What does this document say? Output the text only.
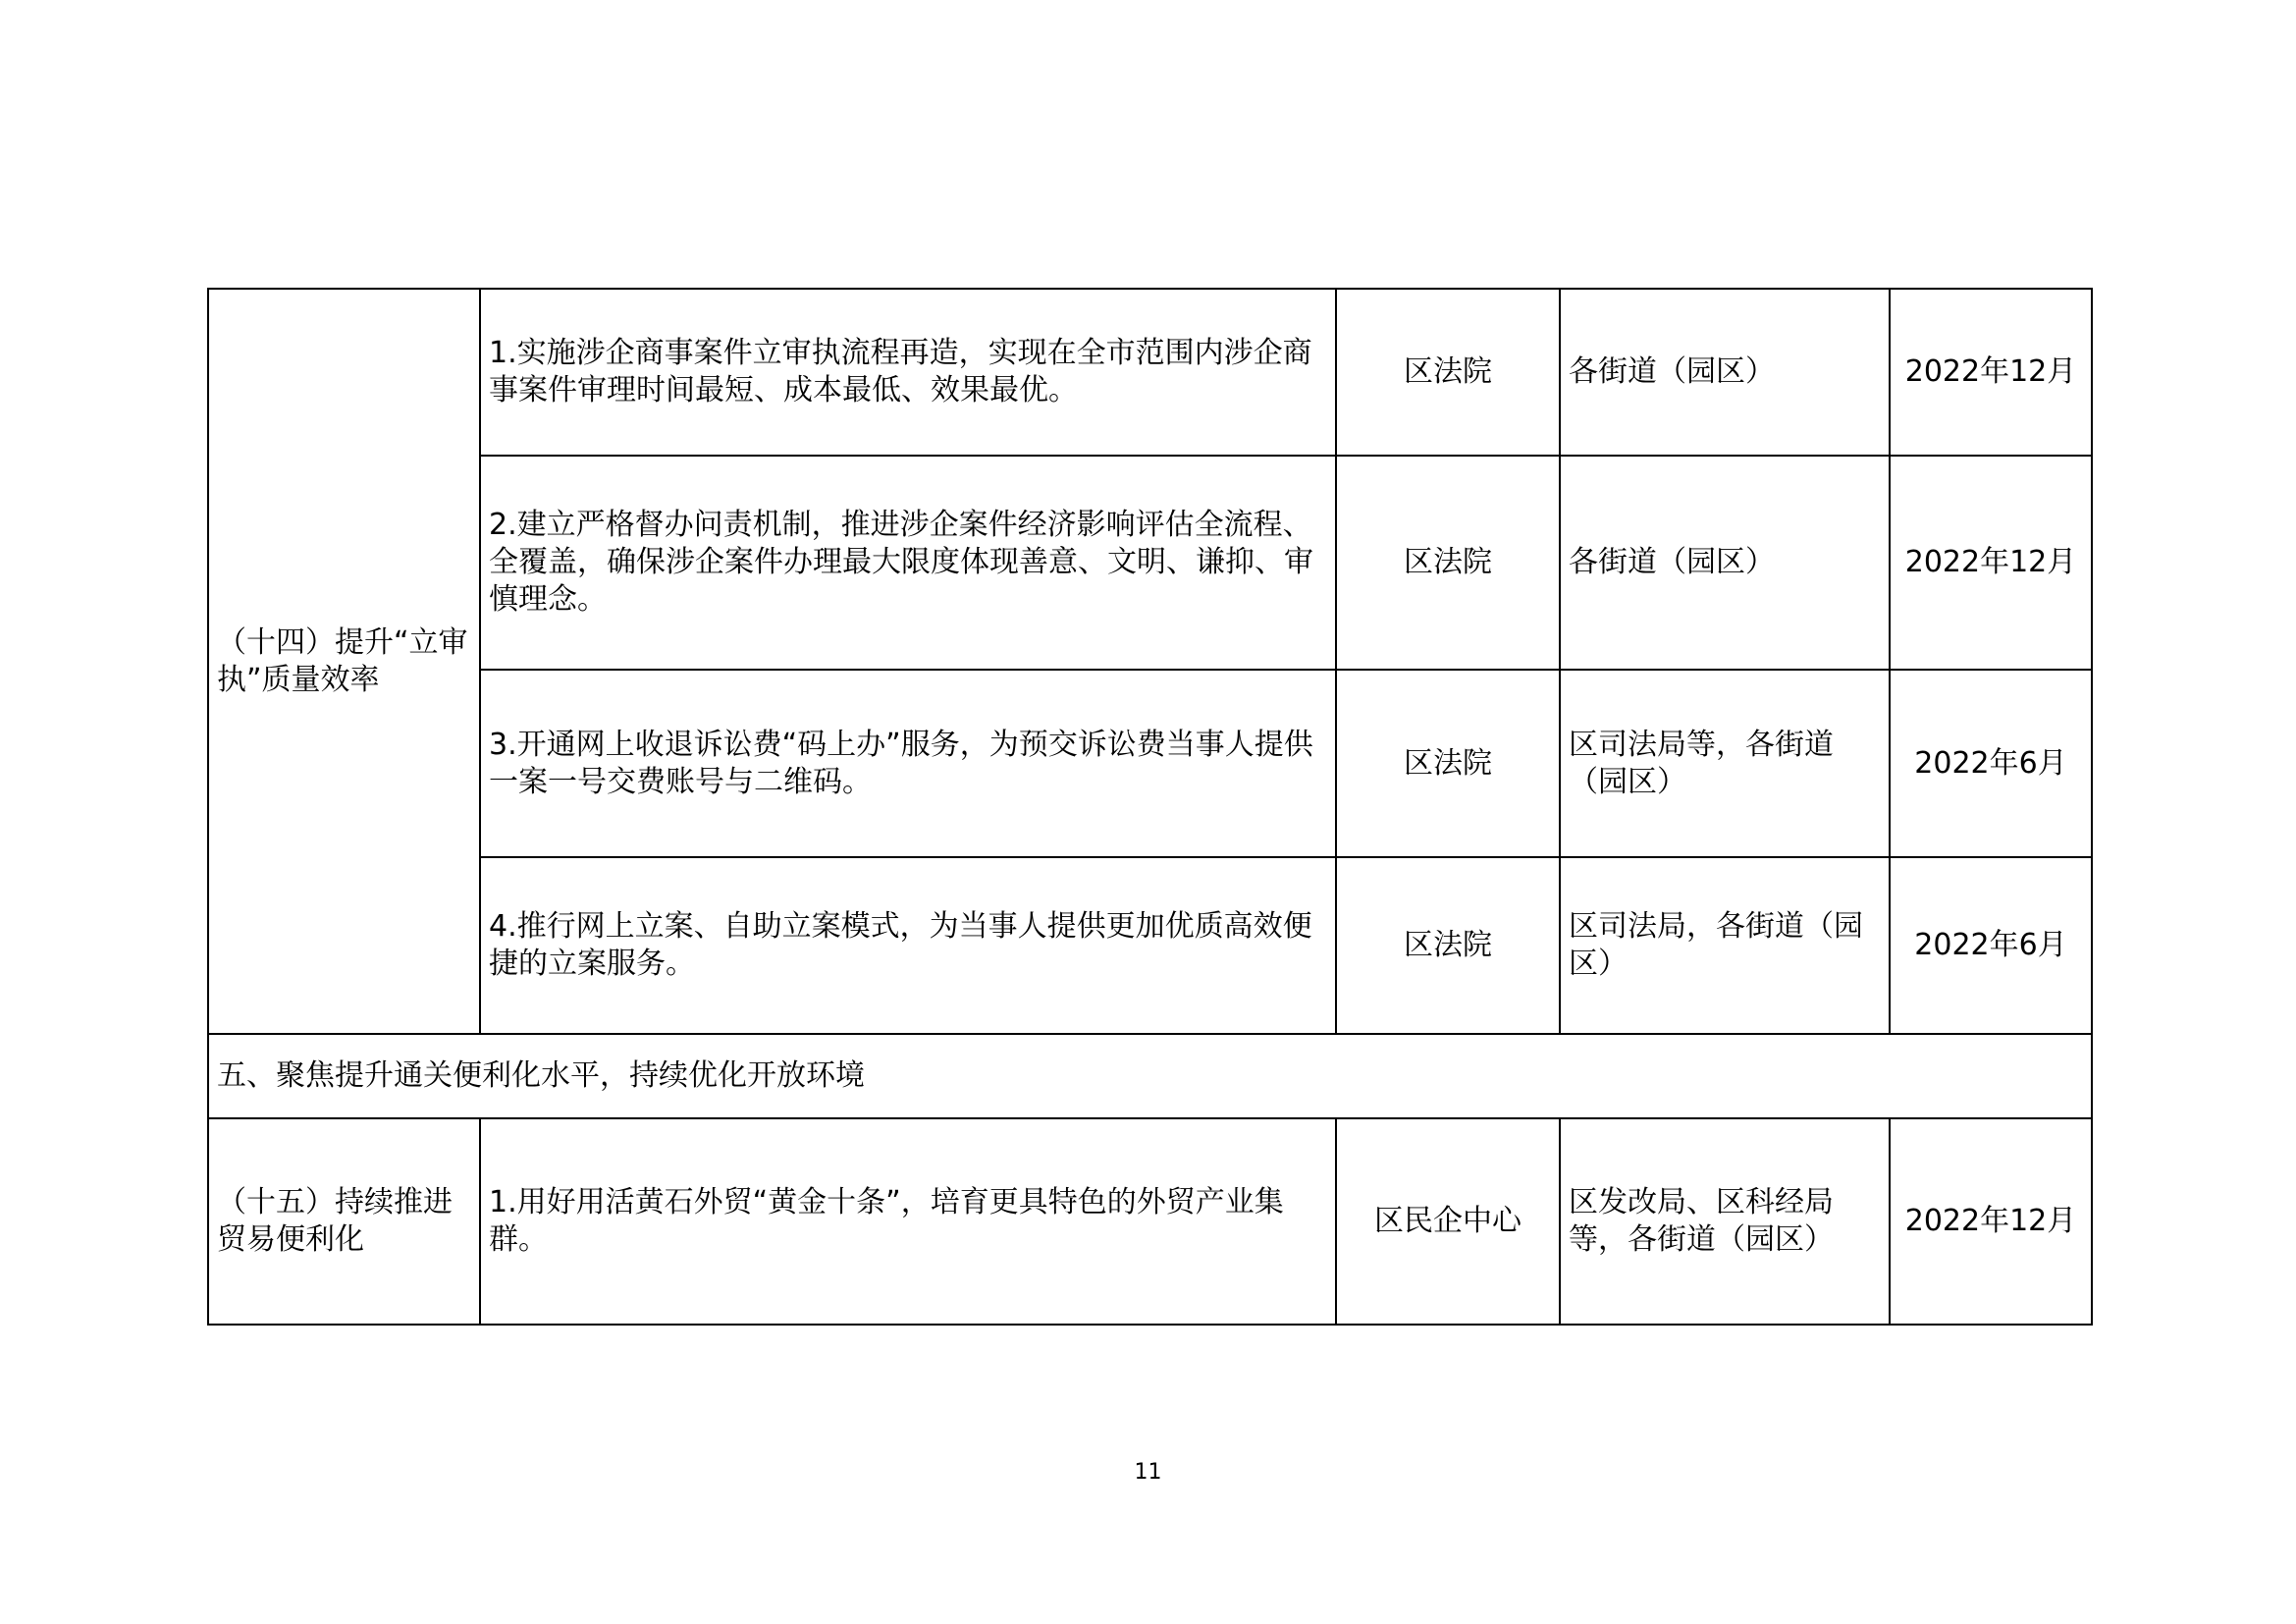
（十四）提升“立审执”质量效率	1.实施涉企商事案件立审执流程再造，实现在全市范围内涉企商事案件审理时间最短、成本最低、效果最优。	区法院	各街道（园区）	2022年12月
	2.建立严格督办问责机制，推进涉企案件经济影响评估全流程、全覆盖，确保涉企案件办理最大限度体现善意、文明、谦抑、审慎理念。	区法院	各街道（园区）	2022年12月
	3.开通网上收退诉讼费“码上办”服务，为预交诉讼费当事人提供一案一号交费账号与二维码。	区法院	区司法局等，各街道（园区）	2022年6月
	4.推行网上立案、自助立案模式，为当事人提供更加优质高效便捷的立案服务。	区法院	区司法局，各街道（园区）	2022年6月
五、聚焦提升通关便利化水平，持续优化开放环境				
（十五）持续推进贸易便利化	1.用好用活黄石外贸“黄金十条”，培育更具特色的外贸产业集群。	区民企中心	区发改局、区科经局等，各街道（园区）	2022年12月
11
